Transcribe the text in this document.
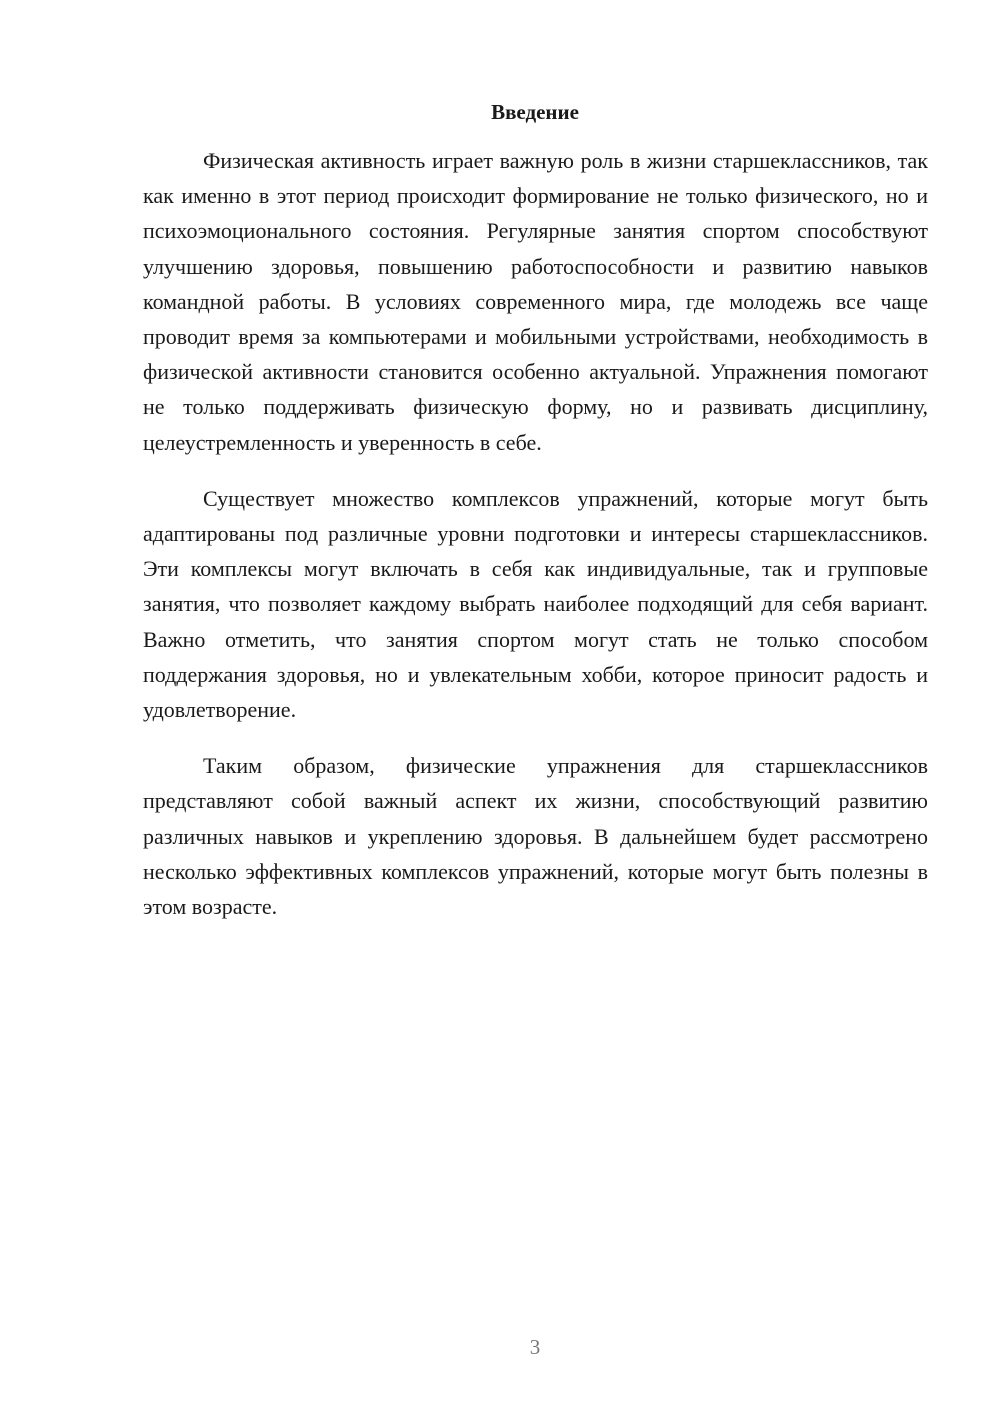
Введение

Физическая активность играет важную роль в жизни старшеклассников, так как именно в этот период происходит формирование не только физического, но и психоэмоционального состояния. Регулярные занятия спортом способствуют улучшению здоровья, повышению работоспособности и развитию навыков командной работы. В условиях современного мира, где молодежь все чаще проводит время за компьютерами и мобильными устройствами, необходимость в физической активности становится особенно актуальной. Упражнения помогают не только поддерживать физическую форму, но и развивать дисциплину, целеустремленность и уверенность в себе.

Существует множество комплексов упражнений, которые могут быть адаптированы под различные уровни подготовки и интересы старшеклассников. Эти комплексы могут включать в себя как индивидуальные, так и групповые занятия, что позволяет каждому выбрать наиболее подходящий для себя вариант. Важно отметить, что занятия спортом могут стать не только способом поддержания здоровья, но и увлекательным хобби, которое приносит радость и удовлетворение.

Таким образом, физические упражнения для старшеклассников представляют собой важный аспект их жизни, способствующий развитию различных навыков и укреплению здоровья. В дальнейшем будет рассмотрено несколько эффективных комплексов упражнений, которые могут быть полезны в этом возрасте.

3
